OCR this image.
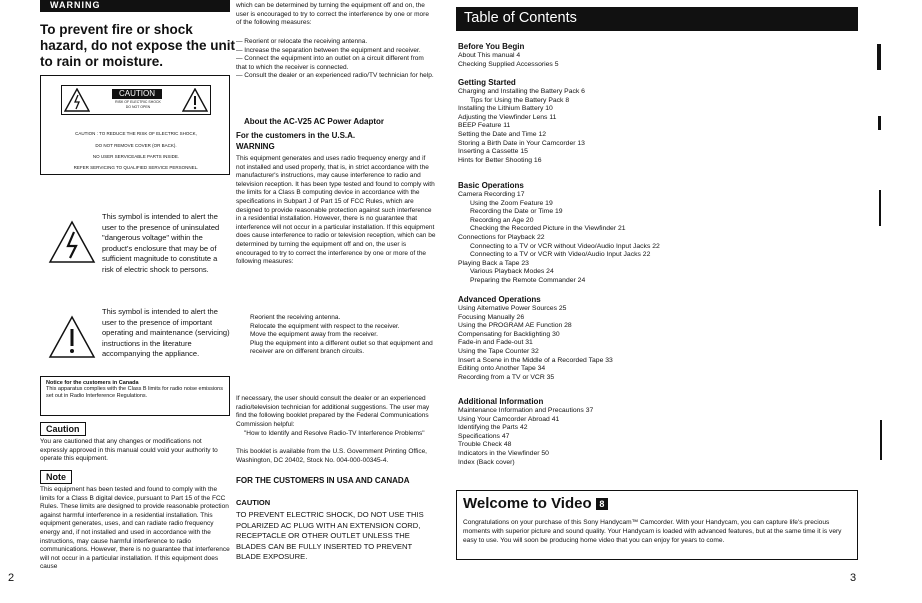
WARNING
To prevent fire or shock hazard, do not expose the unit to rain or moisture.
CAUTION
RISK OF ELECTRIC SHOCK
DO NOT OPEN
CAUTION : TO REDUCE THE RISK OF ELECTRIC SHOCK,
DO NOT REMOVE COVER (OR BACK).
NO USER SERVICEABLE PARTS INSIDE.
REFER SERVICING TO QUALIFIED SERVICE PERSONNEL.
This symbol is intended to alert the user to the presence of uninsulated "dangerous voltage" within the product's enclosure that may be of sufficient magnitude to constitute a risk of electric shock to persons.
This symbol is intended to alert the user to the presence of important operating and maintenance (servicing) instructions in the literature accompanying the appliance.
Notice for the customers in Canada
This apparatus complies with the Class B limits for radio noise emissions set out in Radio Interference Regulations.
Caution
You are cautioned that any changes or modifications not expressly approved in this manual could void your authority to operate this equipment.
Note
This equipment has been tested and found to comply with the limits for a Class B digital device, pursuant to Part 15 of the FCC Rules. These limits are designed to provide reasonable protection against harmful interference in a residential installation. This equipment generates, uses, and can radiate radio frequency energy and, if not installed and used in accordance with the instructions, may cause harmful interference to radio communications. However, there is no guarantee that interference will not occur in a particular installation. If this equipment does cause
2
which can be determined by turning the equipment off and on, the user is encouraged to try to correct the interference by one or more of the following measures:
— Reorient or relocate the receiving antenna.
— Increase the separation between the equipment and receiver.
— Connect the equipment into an outlet on a circuit different from that to which the receiver is connected.
— Consult the dealer or an experienced radio/TV technician for help.
About the AC-V25 AC Power Adaptor
For the customers in the U.S.A.
WARNING
This equipment generates and uses radio frequency energy and if not installed and used properly, that is, in strict accordance with the manufacturer's instructions, may cause interference to radio and television reception. It has been type tested and found to comply with the limits for a Class B computing device in accordance with the specifications in Subpart J of Part 15 of FCC Rules, which are designed to provide reasonable protection against such interference in a residential installation. However, there is no guarantee that interference will not occur in a particular installation. If this equipment does cause interference to radio or television reception, which can be determined by turning the equipment off and on, the user is encouraged to try to correct the interference by one or more of the following measures:
Reorient the receiving antenna.
Relocate the equipment with respect to the receiver.
Move the equipment away from the receiver.
Plug the equipment into a different outlet so that equipment and receiver are on different branch circuits.
If necessary, the user should consult the dealer or an experienced radio/television technician for additional suggestions. The user may find the following booklet prepared by the Federal Communications Commission helpful:
"How to Identify and Resolve Radio-TV Interference Problems"
This booklet is available from the U.S. Government Printing Office, Washington, DC 20402, Stock No. 004-000-00345-4.
FOR THE CUSTOMERS IN USA AND CANADA
CAUTION
TO PREVENT ELECTRIC SHOCK, DO NOT USE THIS POLARIZED AC PLUG WITH AN EXTENSION CORD, RECEPTACLE OR OTHER OUTLET UNLESS THE BLADES CAN BE FULLY INSERTED TO PREVENT BLADE EXPOSURE.
Table of Contents
Before You Begin
About This manual 4
Checking Supplied Accessories 5
Getting Started
Charging and Installing the Battery Pack 6
Tips for Using the Battery Pack 8
Installing the Lithium Battery 10
Adjusting the Viewfinder Lens 11
BEEP Feature 11
Setting the Date and Time 12
Storing a Birth Date in Your Camcorder 13
Inserting a Cassette 15
Hints for Better Shooting 16
Basic Operations
Camera Recording 17
Using the Zoom Feature 19
Recording the Date or Time 19
Recording an Age 20
Checking the Recorded Picture in the Viewfinder 21
Connections for Playback 22
Connecting to a TV or VCR without Video/Audio Input Jacks 22
Connecting to a TV or VCR with Video/Audio Input Jacks 22
Playing Back a Tape 23
Various Playback Modes 24
Preparing the Remote Commander 24
Advanced Operations
Using Alternative Power Sources 25
Focusing Manually 26
Using the PROGRAM AE Function 28
Compensating for Backlighting 30
Fade-in and Fade-out 31
Using the Tape Counter 32
Insert a Scene in the Middle of a Recorded Tape 33
Editing onto Another Tape 34
Recording from a TV or VCR 35
Additional Information
Maintenance Information and Precautions 37
Using Your Camcorder Abroad 41
Identifying the Parts 42
Specifications 47
Trouble Check 48
Indicators in the Viewfinder 50
Index (Back cover)
Welcome to Video 8
Congratulations on your purchase of this Sony Handycam™ Camcorder. With your Handycam, you can capture life's precious moments with superior picture and sound quality. Your Handycam is loaded with advanced features, but at the same time it is very easy to use. You will soon be producing home video that you can enjoy for years to come.
3
